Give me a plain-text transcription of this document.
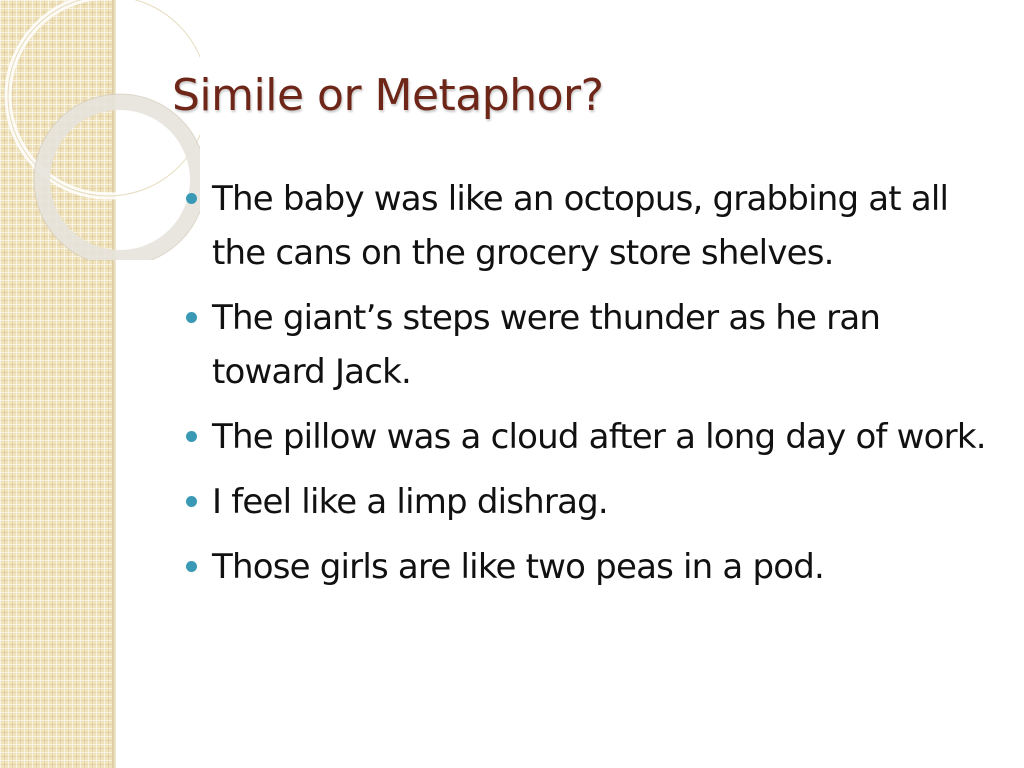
Simile or Metaphor?
The baby was like an octopus, grabbing at all the cans on the grocery store shelves.
The giant’s steps were thunder as he ran toward Jack.
The pillow was a cloud after a long day of work.
I feel like a limp dishrag.
Those girls are like two peas in a pod.
